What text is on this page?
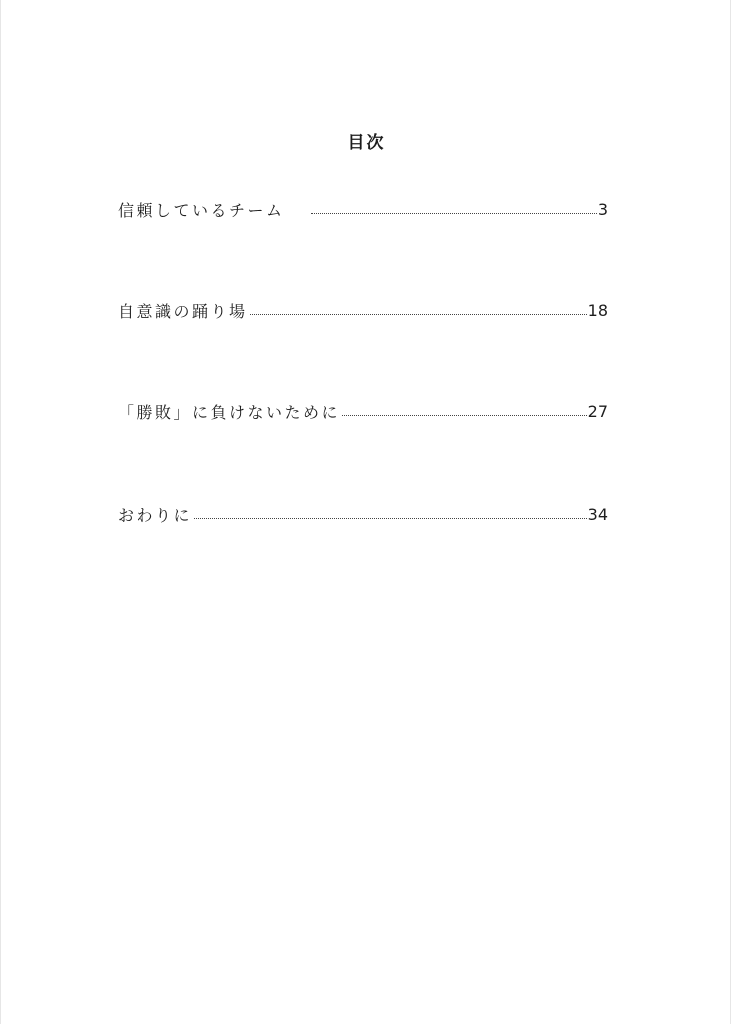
目次
信頼しているチーム	3
自意識の踊り場	18
「勝敗」に負けないために	27
おわりに	34
